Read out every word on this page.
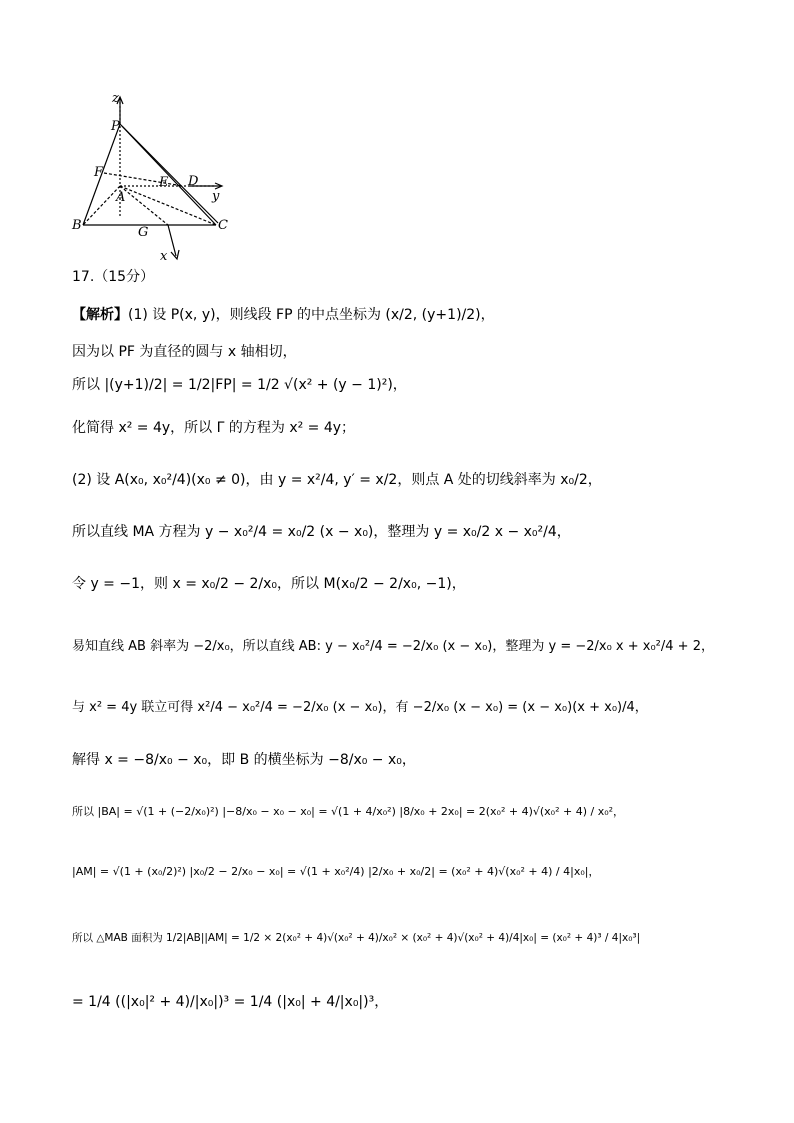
z
P
F
E D
y
A
B	G	C
x
17.（15分）
【解析】(1) 设 P(x, y)，则线段 FP 的中点坐标为 (x/2, (y+1)/2)，
因为以 PF 为直径的圆与 x 轴相切，
所以 |(y+1)/2| = 1/2|FP| = 1/2 √(x² + (y − 1)²)，
化简得 x² = 4y，所以 Γ 的方程为 x² = 4y；
(2) 设 A(x₀, x₀²/4)(x₀ ≠ 0)，由 y = x²/4, y′ = x/2，则点 A 处的切线斜率为 x₀/2，
所以直线 MA 方程为 y − x₀²/4 = x₀/2 (x − x₀)，整理为 y = x₀/2 x − x₀²/4，
令 y = −1，则 x = x₀/2 − 2/x₀，所以 M(x₀/2 − 2/x₀, −1)，
易知直线 AB 斜率为 −2/x₀，所以直线 AB: y − x₀²/4 = −2/x₀ (x − x₀)，整理为 y = −2/x₀ x + x₀²/4 + 2，
与 x² = 4y 联立可得 x²/4 − x₀²/4 = −2/x₀ (x − x₀)，有 −2/x₀ (x − x₀) = (x − x₀)(x + x₀)/4，
解得 x = −8/x₀ − x₀，即 B 的横坐标为 −8/x₀ − x₀，
所以 |BA| = √(1 + (−2/x₀)²) |−8/x₀ − x₀ − x₀| = √(1 + 4/x₀²) |8/x₀ + 2x₀| = 2(x₀² + 4)√(x₀² + 4) / x₀²，
|AM| = √(1 + (x₀/2)²) |x₀/2 − 2/x₀ − x₀| = √(1 + x₀²/4) |2/x₀ + x₀/2| = (x₀² + 4)√(x₀² + 4) / 4|x₀|，
所以 △MAB 面积为 1/2|AB||AM| = 1/2 × 2(x₀² + 4)√(x₀² + 4)/x₀² × (x₀² + 4)√(x₀² + 4)/4|x₀| = (x₀² + 4)³ / 4|x₀³|
= 1/4 ((|x₀|² + 4)/|x₀|)³ = 1/4 (|x₀| + 4/|x₀|)³，
